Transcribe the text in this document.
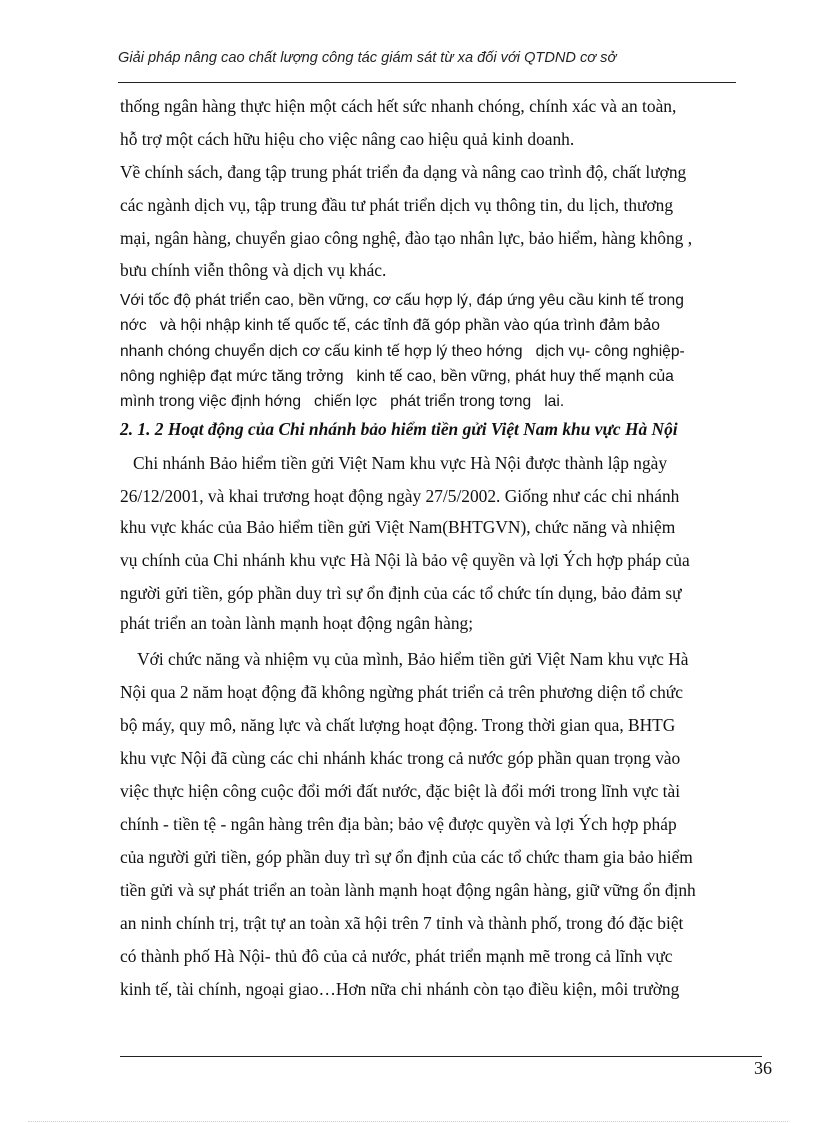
Giải pháp nâng cao chất lượng công tác giám sát từ xa đối với QTDND cơ sở
thống ngân hàng thực hiện một cách hết sức nhanh chóng, chính xác và an toàn,
hỗ trợ một cách hữu hiệu cho việc nâng cao hiệu quả kinh doanh.
Về chính sách, đang tập trung phát triển đa dạng và nâng cao trình độ, chất lượng
các ngành dịch vụ, tập trung đầu tư phát triển dịch vụ thông tin, du lịch, thương
mại, ngân hàng, chuyển giao công nghệ, đào tạo nhân lực, bảo hiểm, hàng không ,
bưu chính viễn thông và dịch vụ khác.
Với tốc độ phát triển cao, bền vững, cơ cấu hợp lý, đáp ứng yêu cầu kinh tế trong
nớc   và hội nhập kinh tế quốc tế, các tỉnh đã góp phần vào qúa trình đảm bảo
nhanh chóng chuyển dịch cơ cấu kinh tế hợp lý theo hớng   dịch vụ- công nghiệp-
nông nghiệp đạt mức tăng trởng   kinh tế cao, bền vững, phát huy thế mạnh của
mình trong việc định hớng   chiến lợc   phát triển trong tơng   lai.
2. 1. 2 Hoạt động của Chi nhánh bảo hiểm tiền gửi Việt Nam khu vực Hà Nội
Chi nhánh Bảo hiểm tiền gửi Việt Nam khu vực Hà Nội được thành lập ngày
26/12/2001, và khai trương hoạt động ngày 27/5/2002. Giống như các chi nhánh
khu vực khác của Bảo hiểm tiền gửi Việt Nam(BHTGVN), chức năng và nhiệm
vụ chính của Chi nhánh khu vực Hà Nội là bảo vệ quyền và lợi Ých hợp pháp của
người gửi tiền, góp phần duy trì sự ổn định của các tổ chức tín dụng, bảo đảm sự
phát triển an toàn lành mạnh hoạt động ngân hàng;
Với chức năng và nhiệm vụ của mình, Bảo hiểm tiền gửi Việt Nam khu vực Hà
Nội qua 2 năm hoạt động đã không ngừng phát triển cả trên phương diện tổ chức
bộ máy, quy mô, năng lực và chất lượng hoạt động. Trong thời gian qua, BHTG
khu vực Nội đã cùng các chi nhánh khác trong cả nước góp phần quan trọng vào
việc thực hiện công cuộc đổi mới đất nước, đặc biệt là đổi mới trong lĩnh vực tài
chính - tiền tệ - ngân hàng trên địa bàn; bảo vệ được quyền và lợi Ých hợp pháp
của người gửi tiền, góp phần duy trì sự ổn định của các tổ chức tham gia bảo hiểm
tiền gửi và sự phát triển an toàn lành mạnh hoạt động ngân hàng, giữ vững ổn định
an ninh chính trị, trật tự an toàn xã hội trên 7 tỉnh và thành phố, trong đó đặc biệt
có thành phố Hà Nội- thủ đô của cả nước, phát triển mạnh mẽ trong cả lĩnh vực
kinh tế, tài chính, ngoại giao…Hơn nữa chi nhánh còn tạo điều kiện, môi trường
36
